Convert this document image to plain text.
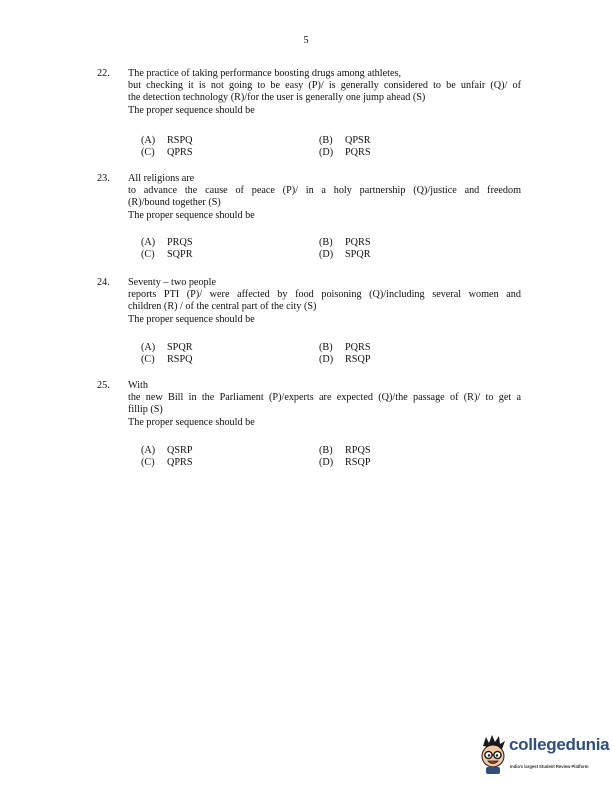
5
22. The practice of taking performance boosting drugs among athletes,
but checking it is not going to be easy (P)/ is generally considered to be unfair (Q)/ of
the detection technology (R)/for the user is generally one jump ahead (S)
The proper sequence should be
(A) RSPQ	(B) QPSR
(C) QPRS	(D) PQRS
23. All religions are
to advance the cause of peace (P)/ in a holy partnership (Q)/justice and freedom
(R)/bound together (S)
The proper sequence should be
(A) PRQS	(B) PQRS
(C) SQPR	(D) SPQR
24. Seventy – two people
reports PTI (P)/ were affected by food poisoning (Q)/including several women and
children (R) / of the central part of the city (S)
The proper sequence should be
(A) SPQR	(B) PQRS
(C) RSPQ	(D) RSQP
25. With
the new Bill in the Parliament (P)/experts are expected (Q)/the passage of (R)/ to get a
fillip (S)
The proper sequence should be
(A) QSRP	(B) RPQS
(C) QPRS	(D) RSQP
collegedunia
India's largest Student Review Platform
